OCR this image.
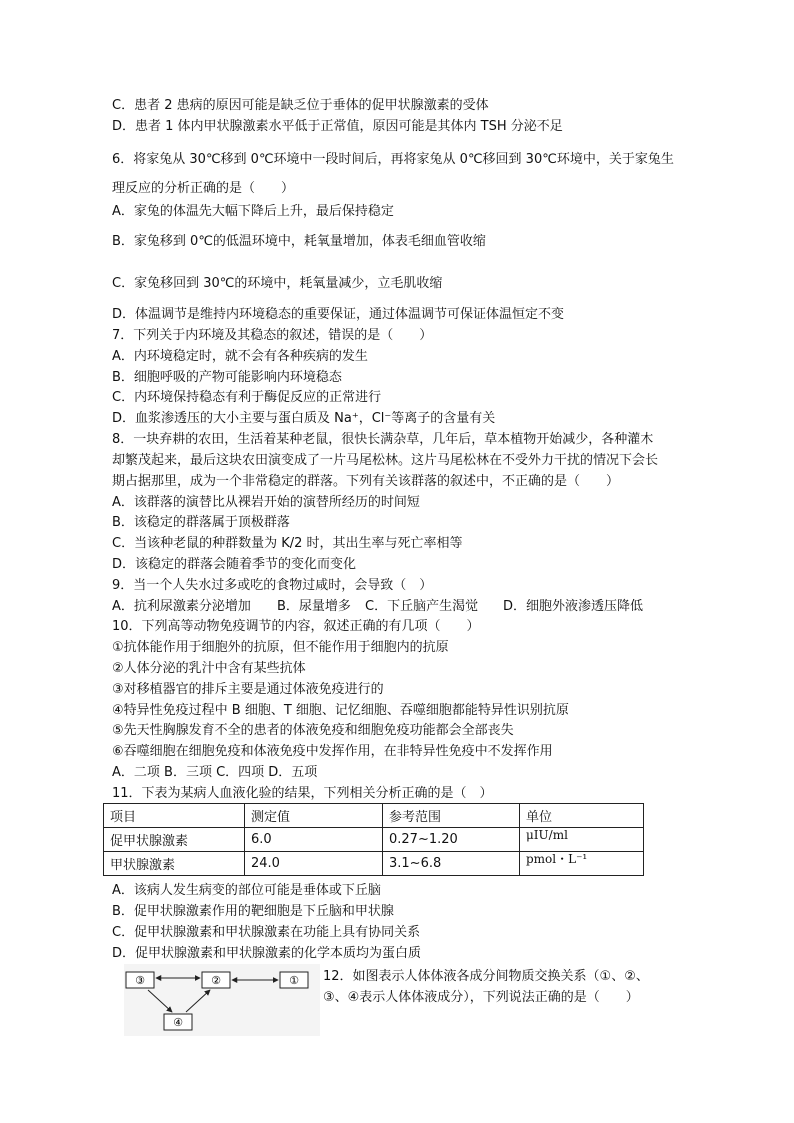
C．患者 2 患病的原因可能是缺乏位于垂体的促甲状腺激素的受体
D．患者 1 体内甲状腺激素水平低于正常值，原因可能是其体内 TSH 分泌不足
6．将家兔从 30℃移到 0℃环境中一段时间后，再将家兔从 0℃移回到 30℃环境中，关于家兔生
理反应的分析正确的是（　　）
A．家兔的体温先大幅下降后上升，最后保持稳定
B．家兔移到 0℃的低温环境中，耗氧量增加，体表毛细血管收缩
C．家兔移回到 30℃的环境中，耗氧量减少，立毛肌收缩
D．体温调节是维持内环境稳态的重要保证，通过体温调节可保证体温恒定不变
7．下列关于内环境及其稳态的叙述，错误的是（　　）
A．内环境稳定时，就不会有各种疾病的发生
B．细胞呼吸的产物可能影响内环境稳态
C．内环境保持稳态有利于酶促反应的正常进行
D．血浆渗透压的大小主要与蛋白质及 Na⁺，Cl⁻等离子的含量有关
8．一块弃耕的农田，生活着某种老鼠，很快长满杂草，几年后，草本植物开始减少，各种灌木
却繁茂起来，最后这块农田演变成了一片马尾松林。这片马尾松林在不受外力干扰的情况下会长
期占据那里，成为一个非常稳定的群落。下列有关该群落的叙述中，不正确的是（　　）
A．该群落的演替比从裸岩开始的演替所经历的时间短
B．该稳定的群落属于顶极群落
C．当该种老鼠的种群数量为 K/2 时，其出生率与死亡率相等
D．该稳定的群落会随着季节的变化而变化
9．当一个人失水过多或吃的食物过咸时，会导致（　）
A．抗利尿激素分泌增加 B．尿量增多 C．下丘脑产生渴觉 D．细胞外液渗透压降低
10．下列高等动物免疫调节的内容，叙述正确的有几项（　　）
①抗体能作用于细胞外的抗原，但不能作用于细胞内的抗原
②人体分泌的乳汁中含有某些抗体
③对移植器官的排斥主要是通过体液免疫进行的
④特异性免疫过程中 B 细胞、T 细胞、记忆细胞、吞噬细胞都能特异性识别抗原
⑤先天性胸腺发育不全的患者的体液免疫和细胞免疫功能都会全部丧失
⑥吞噬细胞在细胞免疫和体液免疫中发挥作用，在非特异性免疫中不发挥作用
A．二项 B．三项 C．四项 D．五项
11．下表为某病人血液化验的结果，下列相关分析正确的是（　）
项目	测定值	参考范围	单位
促甲状腺激素	6.0	0.27~1.20	μIU/ml
甲状腺激素	24.0	3.1~6.8	pmol・L⁻¹
A．该病人发生病变的部位可能是垂体或下丘脑
B．促甲状腺激素作用的靶细胞是下丘脑和甲状腺
C．促甲状腺激素和甲状腺激素在功能上具有协同关系
D．促甲状腺激素和甲状腺激素的化学本质均为蛋白质
③	②	①
④
12．如图表示人体体液各成分间物质交换关系（①、②、
③、④表示人体体液成分），下列说法正确的是（　　）
